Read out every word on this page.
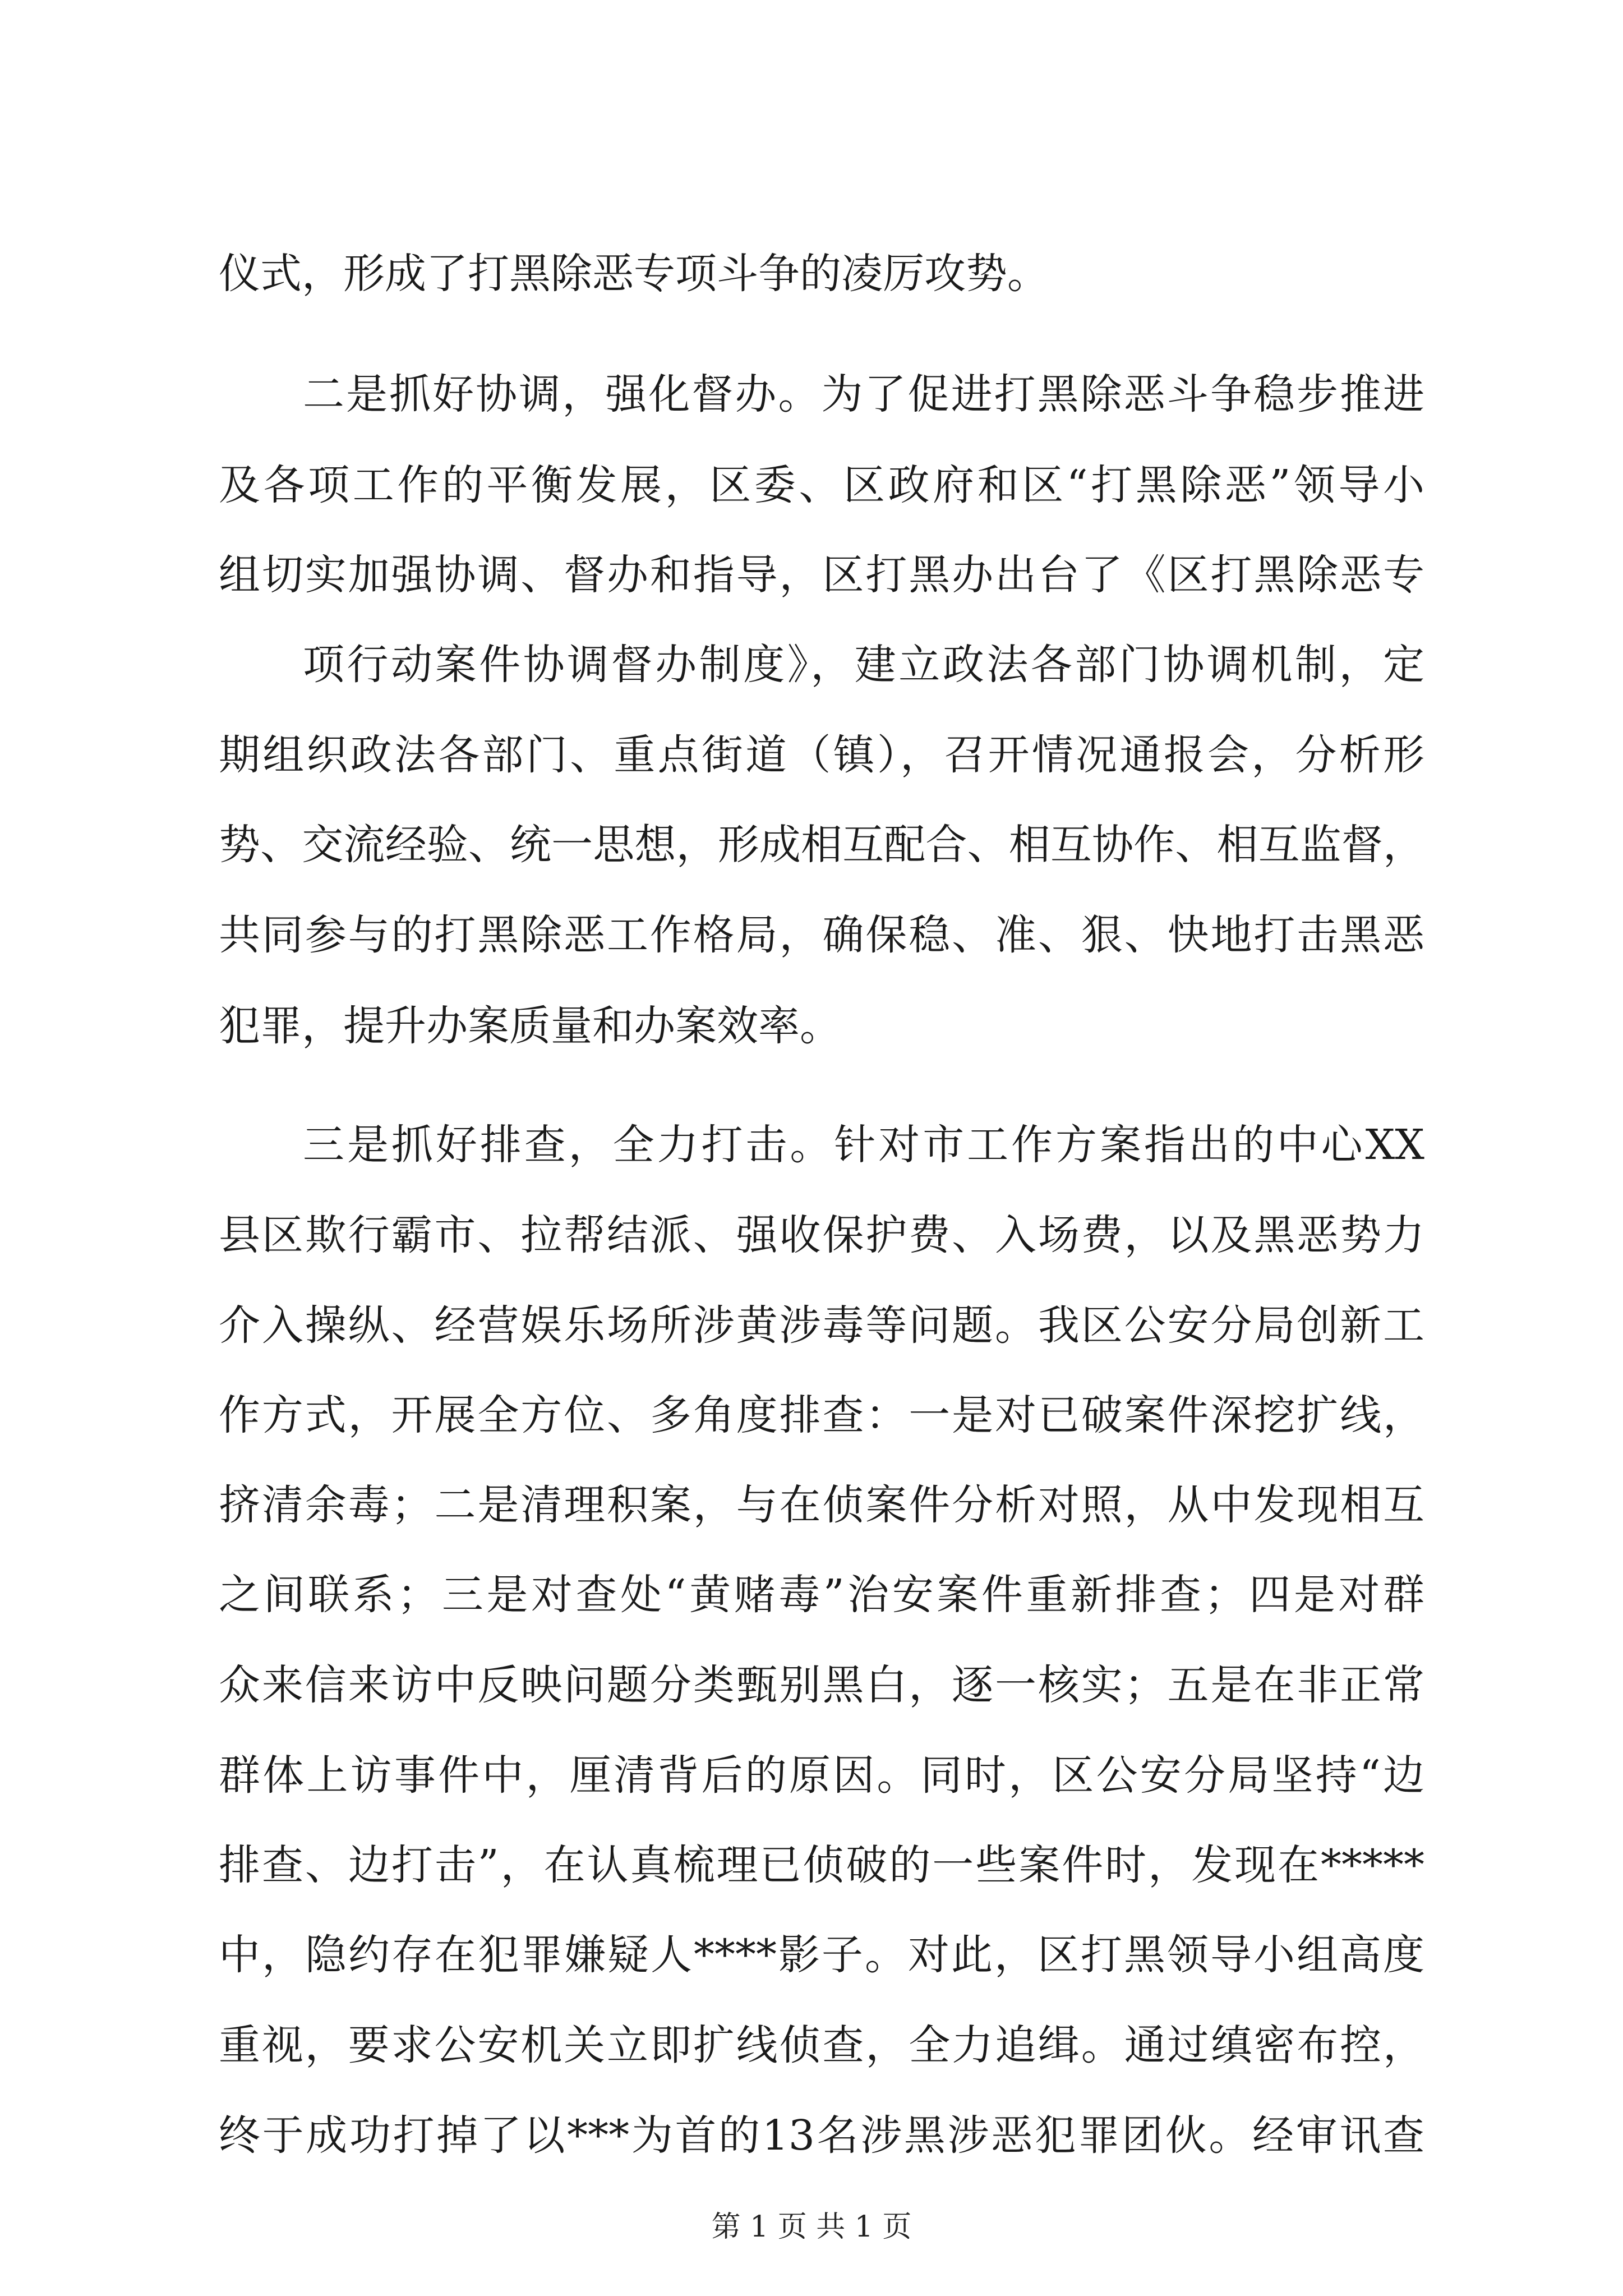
仪式，形成了打黑除恶专项斗争的凌厉攻势。
二是抓好协调，强化督办。为了促进打黑除恶斗争稳步推进
及各项工作的平衡发展，区委、区政府和区“打黑除恶”领导小
组切实加强协调、督办和指导，区打黑办出台了《区打黑除恶专
项行动案件协调督办制度》，建立政法各部门协调机制，定
期组织政法各部门、重点街道（镇），召开情况通报会，分析形
势、交流经验、统一思想，形成相互配合、相互协作、相互监督，
共同参与的打黑除恶工作格局，确保稳、准、狠、快地打击黑恶
犯罪，提升办案质量和办案效率。
三是抓好排查，全力打击。针对市工作方案指出的中心XX
县区欺行霸市、拉帮结派、强收保护费、入场费，以及黑恶势力
介入操纵、经营娱乐场所涉黄涉毒等问题。我区公安分局创新工
作方式，开展全方位、多角度排查：一是对已破案件深挖扩线，
挤清余毒；二是清理积案，与在侦案件分析对照，从中发现相互
之间联系；三是对查处“黄赌毒”治安案件重新排查；四是对群
众来信来访中反映问题分类甄别黑白，逐一核实；五是在非正常
群体上访事件中，厘清背后的原因。同时，区公安分局坚持“边
排查、边打击”，在认真梳理已侦破的一些案件时，发现在*****
中，隐约存在犯罪嫌疑人****影子。对此，区打黑领导小组高度
重视，要求公安机关立即扩线侦查，全力追缉。通过缜密布控，
终于成功打掉了以***为首的13名涉黑涉恶犯罪团伙。经审讯查
第 1 页 共 1 页
